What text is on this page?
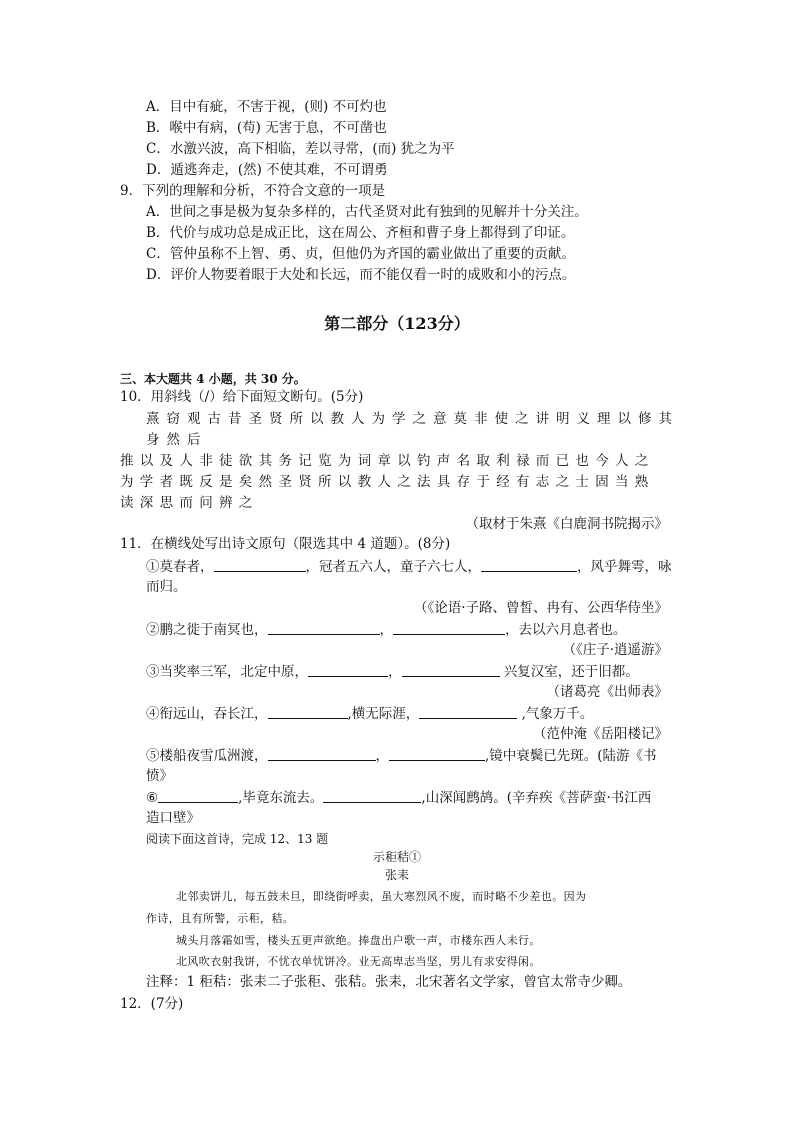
A．目中有疵，不害于视，(则) 不可灼也
B．喉中有病，(苟) 无害于息，不可凿也
C．水激兴波，高下相临，差以寻常，(而) 犹之为平
D．遁逃奔走，(然) 不使其难，不可谓勇
9．下列的理解和分析，不符合文意的一项是
A．世间之事是极为复杂多样的，古代圣贤对此有独到的见解并十分关注。
B．代价与成功总是成正比，这在周公、齐桓和曹子身上都得到了印证。
C．管仲虽称不上智、勇、贞，但他仍为齐国的霸业做出了重要的贡献。
D．评价人物要着眼于大处和长远，而不能仅看一时的成败和小的污点。
第二部分（123分）
三、本大题共 4 小题，共 30 分。
10．用斜线（/）给下面短文断句。(5分)
熹窃观古昔圣贤所以教人为学之意莫非使之讲明义理以修其
身然后
推以及人非徒欲其务记览为词章以钓声名取利禄而已也今人之
为学者既反是矣然圣贤所以教人之法具存于经有志之士固当熟
读深思而问辨之
（取材于朱熹《白鹿洞书院揭示》
11．在横线处写出诗文原句（限选其中 4 道题）。(8分)
①莫春者，	，冠者五六人，童子六七人，	，风乎舞雩，咏
而归。
（《论语·子路、曾皙、冉有、公西华侍坐》
②鹏之徙于南冥也，	，	，去以六月息者也。
（《庄子·逍遥游》
③当奖率三军，北定中原，	，	兴复汉室，还于旧都。
（诸葛亮《出师表》
④衔远山，吞长江，	,横无际涯，	,气象万千。
（范仲淹《岳阳楼记》
⑤楼船夜雪瓜洲渡，	，	,镜中衰鬓已先斑。(陆游《书
愤》
⑥	,毕竟东流去。	,山深闻鹧鸪。(辛弃疾《菩萨蛮·书江西
造口壁》
阅读下面这首诗，完成 12、13 题
示秬秸①
张耒
北邻卖饼儿，每五鼓未旦，即绕街呼卖，虽大寒烈风不废，而时略不少差也。因为
作诗，且有所警，示秬，秸。
城头月落霜如雪，楼头五更声欲绝。捧盘出户歌一声，市楼东西人未行。
北风吹衣射我饼，不忧衣单忧饼冷。业无高卑志当坚，男儿有求安得闲。
注释：1 秬秸：张耒二子张秬、张秸。张耒，北宋著名文学家，曾官太常寺少卿。
12．(7分)
